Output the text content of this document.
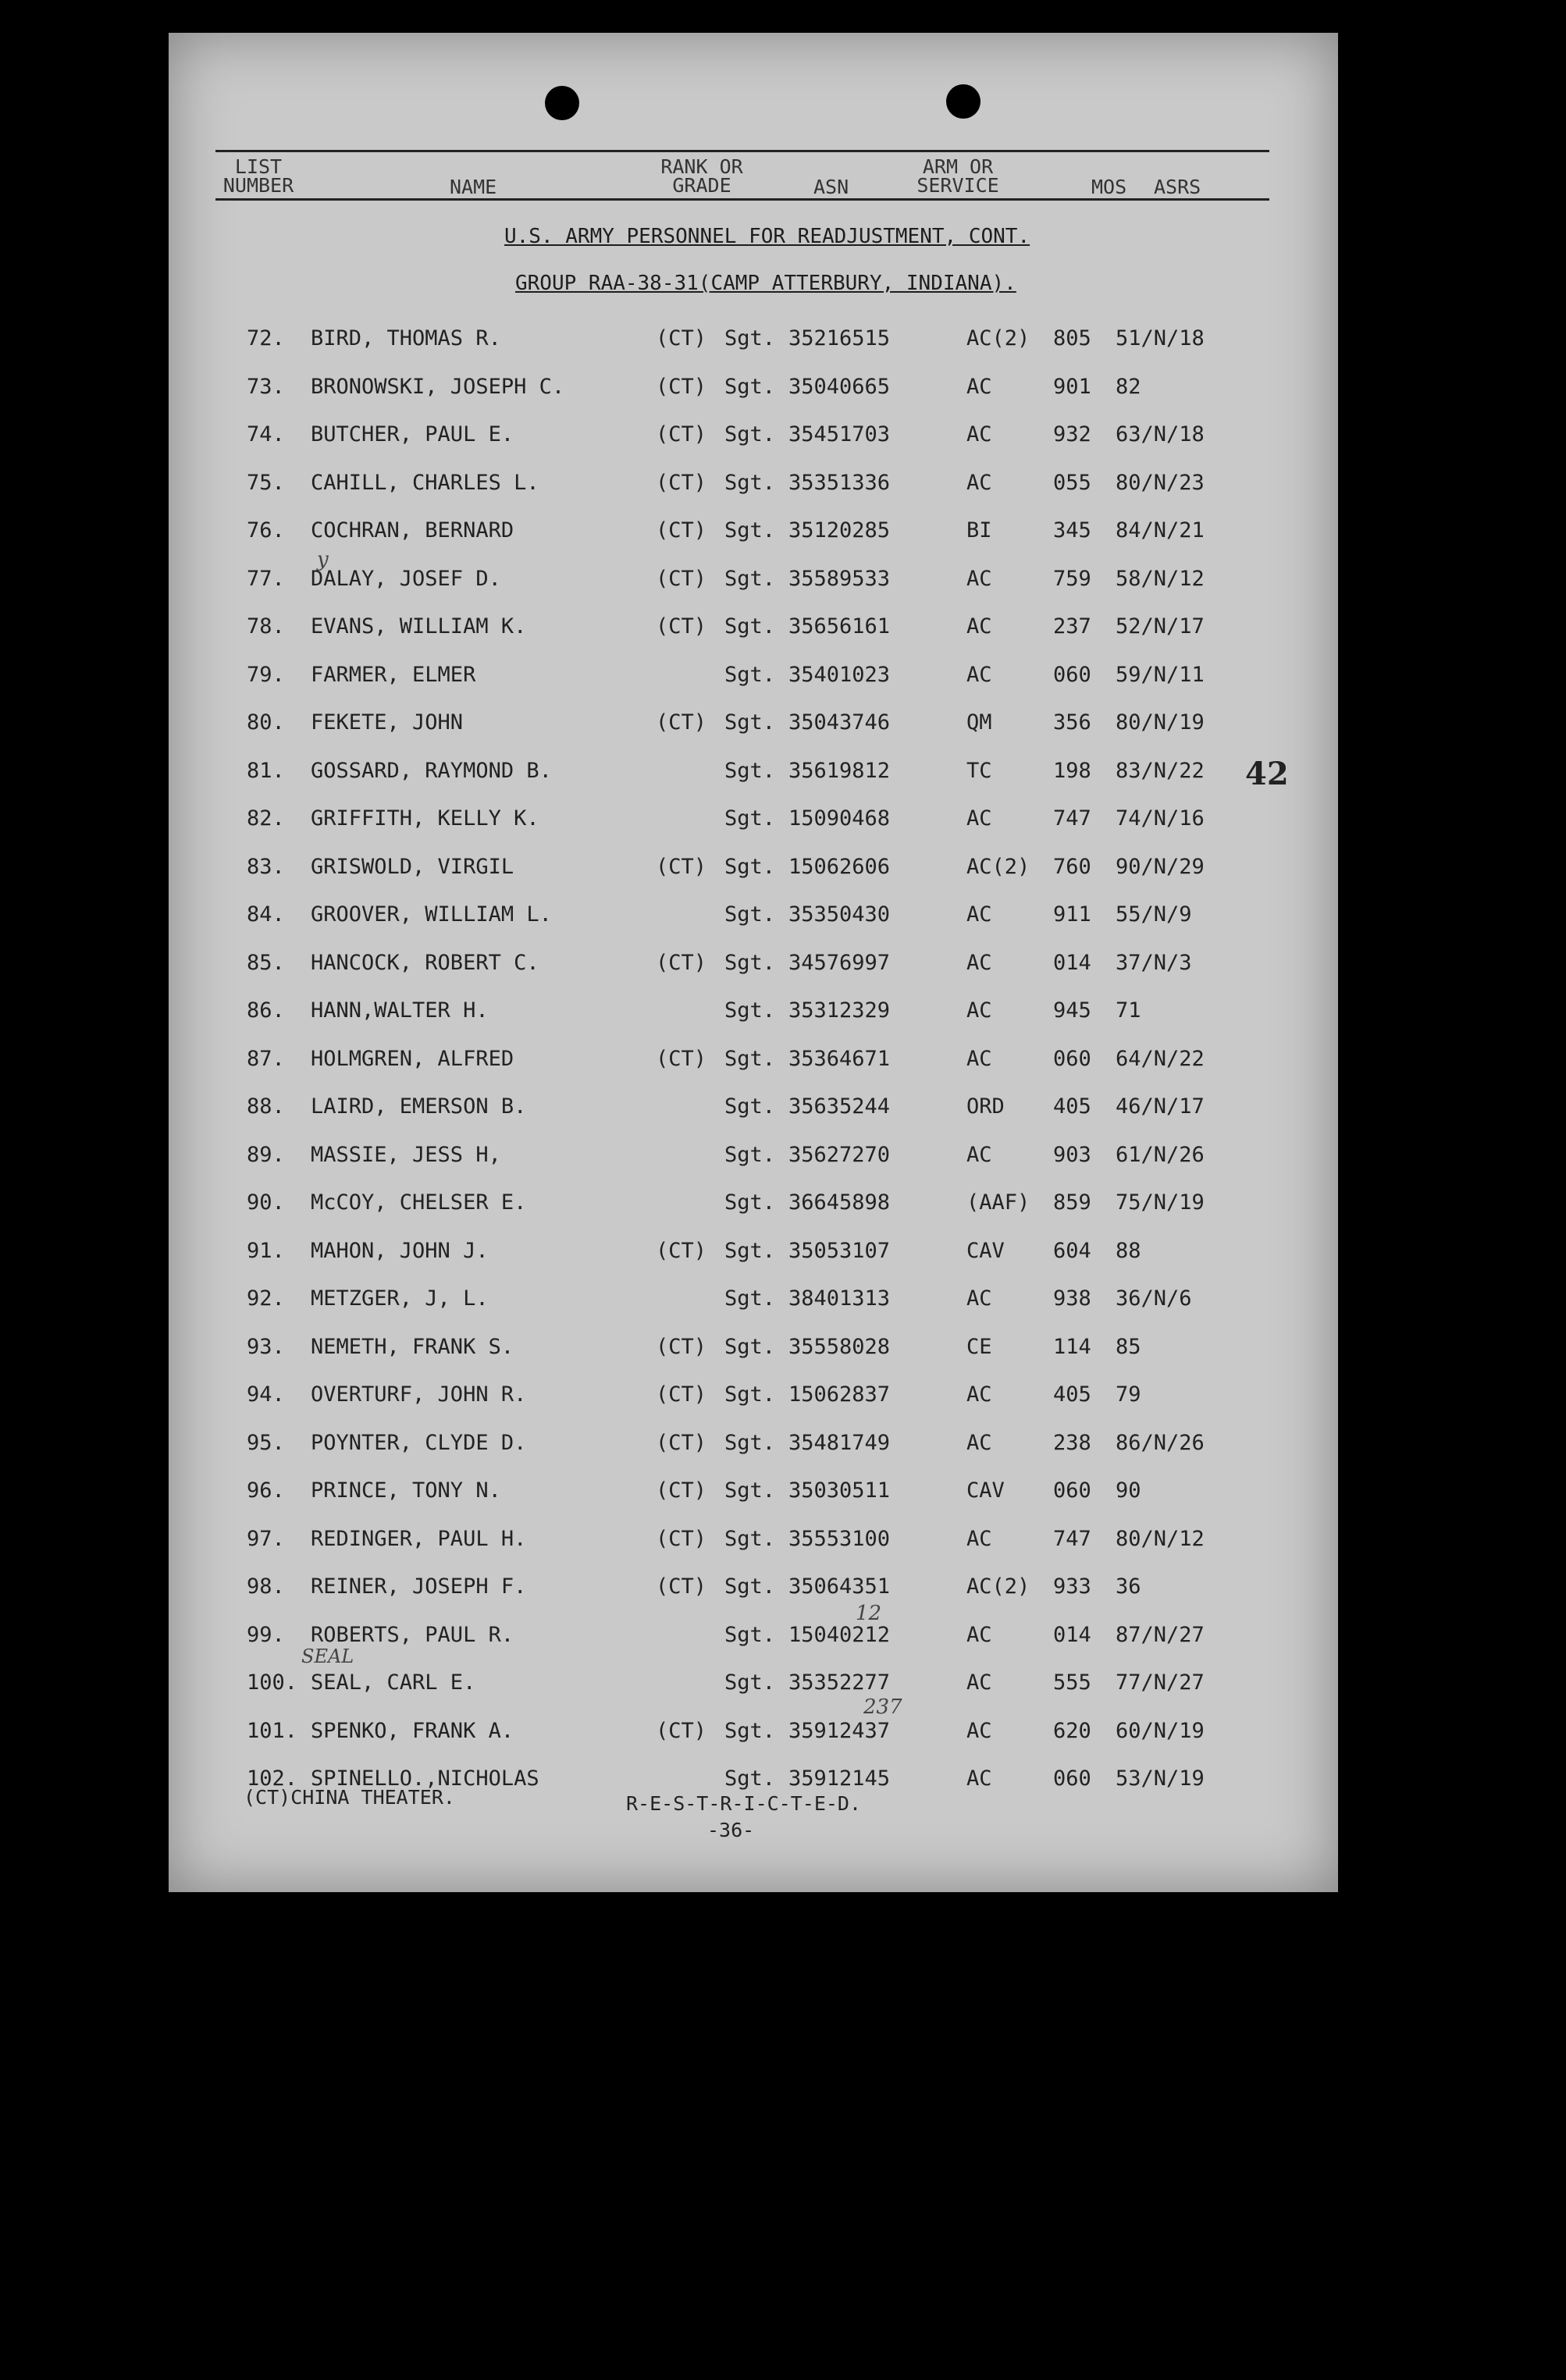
LIST NUMBER	NAME
RANK OR GRADE	ASN
ARM OR SERVICE	MOS ASRS
U.S. ARMY PERSONNEL FOR READJUSTMENT, CONT.
GROUP RAA-38-31(CAMP ATTERBURY, INDIANA).
72. BIRD, THOMAS R.	(CT) Sgt. 35216515	AC(2) 805 51/N/18
73. BRONOWSKI, JOSEPH C.	(CT) Sgt. 35040665	AC	901 82
74. BUTCHER, PAUL E.	(CT) Sgt. 35451703	AC	932 63/N/18
75. CAHILL, CHARLES L.	(CT) Sgt. 35351336	AC	055 80/N/23
76. COCHRAN, BERNARD	(CT) Sgt. 35120285	BI	345 84/N/21
77. DALAY, JOSEF D.	(CT) Sgt. 35589533	AC	759 58/N/12
78. EVANS, WILLIAM K.	(CT) Sgt. 35656161	AC	237 52/N/17
79. FARMER, ELMER	Sgt. 35401023	AC	060 59/N/11
80. FEKETE, JOHN	(CT) Sgt. 35043746	QM	356 80/N/19
81. GOSSARD, RAYMOND B.	Sgt. 35619812	TC	198 83/N/22
82. GRIFFITH, KELLY K.	Sgt. 15090468	AC	747 74/N/16
83. GRISWOLD, VIRGIL	(CT) Sgt. 15062606	AC(2) 760 90/N/29
84. GROOVER, WILLIAM L.	Sgt. 35350430	AC	911 55/N/9
85. HANCOCK, ROBERT C.	(CT) Sgt. 34576997	AC	014 37/N/3
86. HANN,WALTER H.	Sgt. 35312329	AC	945 71
87. HOLMGREN, ALFRED	(CT) Sgt. 35364671	AC	060 64/N/22
88. LAIRD, EMERSON B.	Sgt. 35635244	ORD 405 46/N/17
89. MASSIE, JESS H,	Sgt. 35627270	AC	903 61/N/26
90. McCOY, CHELSER E.	Sgt. 36645898	(AAF) 859 75/N/19
91. MAHON, JOHN J.	(CT) Sgt. 35053107	CAV 604 88
92. METZGER, J, L.	Sgt. 38401313	AC	938 36/N/6
93. NEMETH, FRANK S.	(CT) Sgt. 35558028	CE	114 85
94. OVERTURF, JOHN R.	(CT) Sgt. 15062837	AC	405 79
95. POYNTER, CLYDE D.	(CT) Sgt. 35481749	AC	238 86/N/26
96. PRINCE, TONY N.	(CT) Sgt. 35030511	CAV 060 90
97. REDINGER, PAUL H.	(CT) Sgt. 35553100	AC	747 80/N/12
98. REINER, JOSEPH F.	(CT) Sgt. 35064351	AC(2) 933 36
99. ROBERTS, PAUL R.	Sgt. 15040212	AC	014 87/N/27
100. SEAL, CARL E.	Sgt. 35352277	AC	555 77/N/27
101. SPENKO, FRANK A.	(CT) Sgt. 35912437	AC	620 60/N/19
102. SPINELLO.,NICHOLAS	Sgt. 35912145	AC	060 53/N/19
y
12
SEAL
237
(CT)CHINA THEATER.	R-E-S-T-R-I-C-T-E-D.
-36-
42
